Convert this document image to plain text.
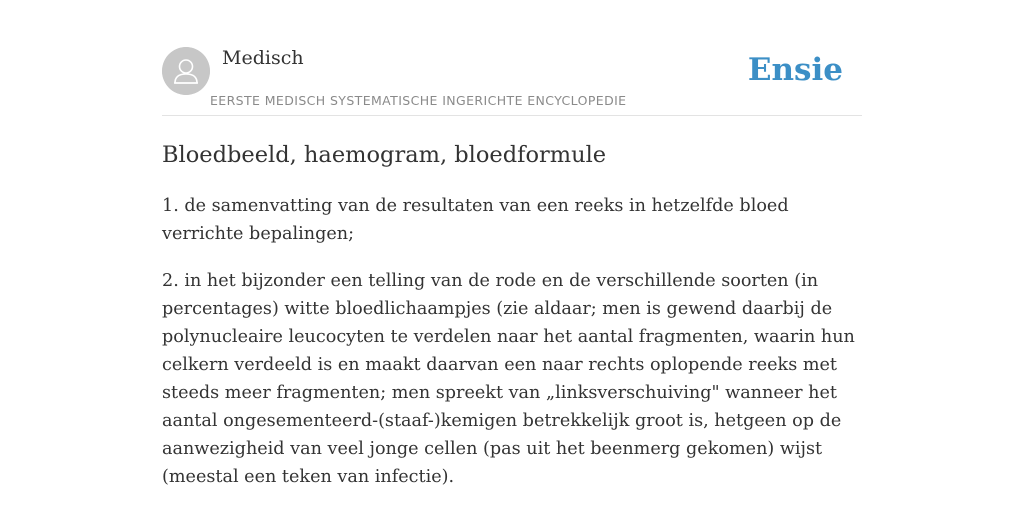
Medisch
EERSTE MEDISCH SYSTEMATISCHE INGERICHTE ENCYCLOPEDIE
Ensie
Bloedbeeld, haemogram, bloedformule

1. de samenvatting van de resultaten van een reeks in hetzelfde bloed verrichte bepalingen;

2. in het bijzonder een telling van de rode en de verschillende soorten (in percentages) witte bloedlichaampjes (zie aldaar; men is gewend daarbij de polynucleaire leucocyten te verdelen naar het aantal fragmenten, waarin hun celkern verdeeld is en maakt daarvan een naar rechts oplopende reeks met steeds meer fragmenten; men spreekt van „linksverschuiving" wanneer het aantal ongesementeerd-(staaf-)kemigen betrekkelijk groot is, hetgeen op de aanwezigheid van veel jonge cellen (pas uit het beenmerg gekomen) wijst (meestal een teken van infectie).
